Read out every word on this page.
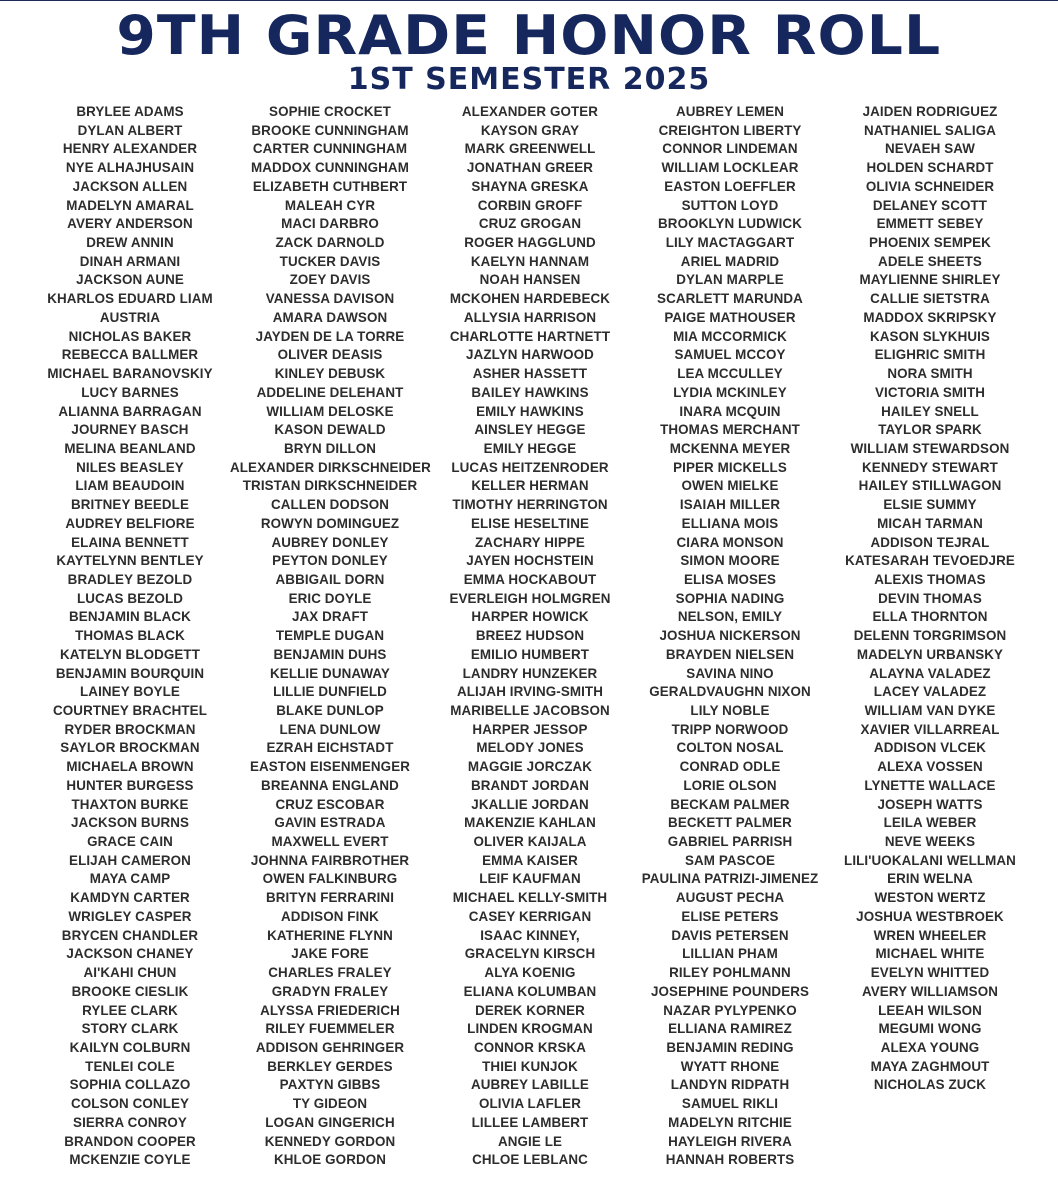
9TH GRADE HONOR ROLL
1ST SEMESTER 2025
BRYLEE ADAMS
DYLAN ALBERT
HENRY ALEXANDER
NYE ALHAJHUSAIN
JACKSON ALLEN
MADELYN AMARAL
AVERY ANDERSON
DREW ANNIN
DINAH ARMANI
JACKSON AUNE
KHARLOS EDUARD LIAM
AUSTRIA
NICHOLAS BAKER
REBECCA BALLMER
MICHAEL BARANOVSKIY
LUCY BARNES
ALIANNA BARRAGAN
JOURNEY BASCH
MELINA BEANLAND
NILES BEASLEY
LIAM BEAUDOIN
BRITNEY BEEDLE
AUDREY BELFIORE
ELAINA BENNETT
KAYTELYNN BENTLEY
BRADLEY BEZOLD
LUCAS BEZOLD
BENJAMIN BLACK
THOMAS BLACK
KATELYN BLODGETT
BENJAMIN BOURQUIN
LAINEY BOYLE
COURTNEY BRACHTEL
RYDER BROCKMAN
SAYLOR BROCKMAN
MICHAELA BROWN
HUNTER BURGESS
THAXTON BURKE
JACKSON BURNS
GRACE CAIN
ELIJAH CAMERON
MAYA CAMP
KAMDYN CARTER
WRIGLEY CASPER
BRYCEN CHANDLER
JACKSON CHANEY
AI'KAHI CHUN
BROOKE CIESLIK
RYLEE CLARK
STORY CLARK
KAILYN COLBURN
TENLEI COLE
SOPHIA COLLAZO
COLSON CONLEY
SIERRA CONROY
BRANDON COOPER
MCKENZIE COYLE
SOPHIE CROCKET
BROOKE CUNNINGHAM
CARTER CUNNINGHAM
MADDOX CUNNINGHAM
ELIZABETH CUTHBERT
MALEAH CYR
MACI DARBRO
ZACK DARNOLD
TUCKER DAVIS
ZOEY DAVIS
VANESSA DAVISON
AMARA DAWSON
JAYDEN DE LA TORRE
OLIVER DEASIS
KINLEY DEBUSK
ADDELINE DELEHANT
WILLIAM DELOSKE
KASON DEWALD
BRYN DILLON
ALEXANDER DIRKSCHNEIDER
TRISTAN DIRKSCHNEIDER
CALLEN DODSON
ROWYN DOMINGUEZ
AUBREY DONLEY
PEYTON DONLEY
ABBIGAIL DORN
ERIC DOYLE
JAX DRAFT
TEMPLE DUGAN
BENJAMIN DUHS
KELLIE DUNAWAY
LILLIE DUNFIELD
BLAKE DUNLOP
LENA DUNLOW
EZRAH EICHSTADT
EASTON EISENMENGER
BREANNA ENGLAND
CRUZ ESCOBAR
GAVIN ESTRADA
MAXWELL EVERT
JOHNNA FAIRBROTHER
OWEN FALKINBURG
BRITYN FERRARINI
ADDISON FINK
KATHERINE FLYNN
JAKE FORE
CHARLES FRALEY
GRADYN FRALEY
ALYSSA FRIEDERICH
RILEY FUEMMELER
ADDISON GEHRINGER
BERKLEY GERDES
PAXTYN GIBBS
TY GIDEON
LOGAN GINGERICH
KENNEDY GORDON
KHLOE GORDON
ALEXANDER GOTER
KAYSON GRAY
MARK GREENWELL
JONATHAN GREER
SHAYNA GRESKA
CORBIN GROFF
CRUZ GROGAN
ROGER HAGGLUND
KAELYN HANNAM
NOAH HANSEN
MCKOHEN HARDEBECK
ALLYSIA HARRISON
CHARLOTTE HARTNETT
JAZLYN HARWOOD
ASHER HASSETT
BAILEY HAWKINS
EMILY HAWKINS
AINSLEY HEGGE
EMILY HEGGE
LUCAS HEITZENRODER
KELLER HERMAN
TIMOTHY HERRINGTON
ELISE HESELTINE
ZACHARY HIPPE
JAYEN HOCHSTEIN
EMMA HOCKABOUT
EVERLEIGH HOLMGREN
HARPER HOWICK
BREEZ HUDSON
EMILIO HUMBERT
LANDRY HUNZEKER
ALIJAH IRVING-SMITH
MARIBELLE JACOBSON
HARPER JESSOP
MELODY JONES
MAGGIE JORCZAK
BRANDT JORDAN
JKALLIE JORDAN
MAKENZIE KAHLAN
OLIVER KAIJALA
EMMA KAISER
LEIF KAUFMAN
MICHAEL KELLY-SMITH
CASEY KERRIGAN
ISAAC KINNEY,
GRACELYN KIRSCH
ALYA KOENIG
ELIANA KOLUMBAN
DEREK KORNER
LINDEN KROGMAN
CONNOR KRSKA
THIEI KUNJOK
AUBREY LABILLE
OLIVIA LAFLER
LILLEE LAMBERT
ANGIE LE
CHLOE LEBLANC
AUBREY LEMEN
CREIGHTON LIBERTY
CONNOR LINDEMAN
WILLIAM LOCKLEAR
EASTON LOEFFLER
SUTTON LOYD
BROOKLYN LUDWICK
LILY MACTAGGART
ARIEL MADRID
DYLAN MARPLE
SCARLETT MARUNDA
PAIGE MATHOUSER
MIA MCCORMICK
SAMUEL MCCOY
LEA MCCULLEY
LYDIA MCKINLEY
INARA MCQUIN
THOMAS MERCHANT
MCKENNA MEYER
PIPER MICKELLS
OWEN MIELKE
ISAIAH MILLER
ELLIANA MOIS
CIARA MONSON
SIMON MOORE
ELISA MOSES
SOPHIA NADING
NELSON, EMILY
JOSHUA NICKERSON
BRAYDEN NIELSEN
SAVINA NINO
GERALDVAUGHN NIXON
LILY NOBLE
TRIPP NORWOOD
COLTON NOSAL
CONRAD ODLE
LORIE OLSON
BECKAM PALMER
BECKETT PALMER
GABRIEL PARRISH
SAM PASCOE
PAULINA PATRIZI-JIMENEZ
AUGUST PECHA
ELISE PETERS
DAVIS PETERSEN
LILLIAN PHAM
RILEY POHLMANN
JOSEPHINE POUNDERS
NAZAR PYLYPENKO
ELLIANA RAMIREZ
BENJAMIN REDING
WYATT RHONE
LANDYN RIDPATH
SAMUEL RIKLI
MADELYN RITCHIE
HAYLEIGH RIVERA
HANNAH ROBERTS
JAIDEN RODRIGUEZ
NATHANIEL SALIGA
NEVAEH SAW
HOLDEN SCHARDT
OLIVIA SCHNEIDER
DELANEY SCOTT
EMMETT SEBEY
PHOENIX SEMPEK
ADELE SHEETS
MAYLIENNE SHIRLEY
CALLIE SIETSTRA
MADDOX SKRIPSKY
KASON SLYKHUIS
ELIGHRIC SMITH
NORA SMITH
VICTORIA SMITH
HAILEY SNELL
TAYLOR SPARK
WILLIAM STEWARDSON
KENNEDY STEWART
HAILEY STILLWAGON
ELSIE SUMMY
MICAH TARMAN
ADDISON TEJRAL
KATESARAH TEVOEDJRE
ALEXIS THOMAS
DEVIN THOMAS
ELLA THORNTON
DELENN TORGRIMSON
MADELYN URBANSKY
ALAYNA VALADEZ
LACEY VALADEZ
WILLIAM VAN DYKE
XAVIER VILLARREAL
ADDISON VLCEK
ALEXA VOSSEN
LYNETTE WALLACE
JOSEPH WATTS
LEILA WEBER
NEVE WEEKS
LILI'UOKALANI WELLMAN
ERIN WELNA
WESTON WERTZ
JOSHUA WESTBROEK
WREN WHEELER
MICHAEL WHITE
EVELYN WHITTED
AVERY WILLIAMSON
LEEAH WILSON
MEGUMI WONG
ALEXA YOUNG
MAYA ZAGHMOUT
NICHOLAS ZUCK
